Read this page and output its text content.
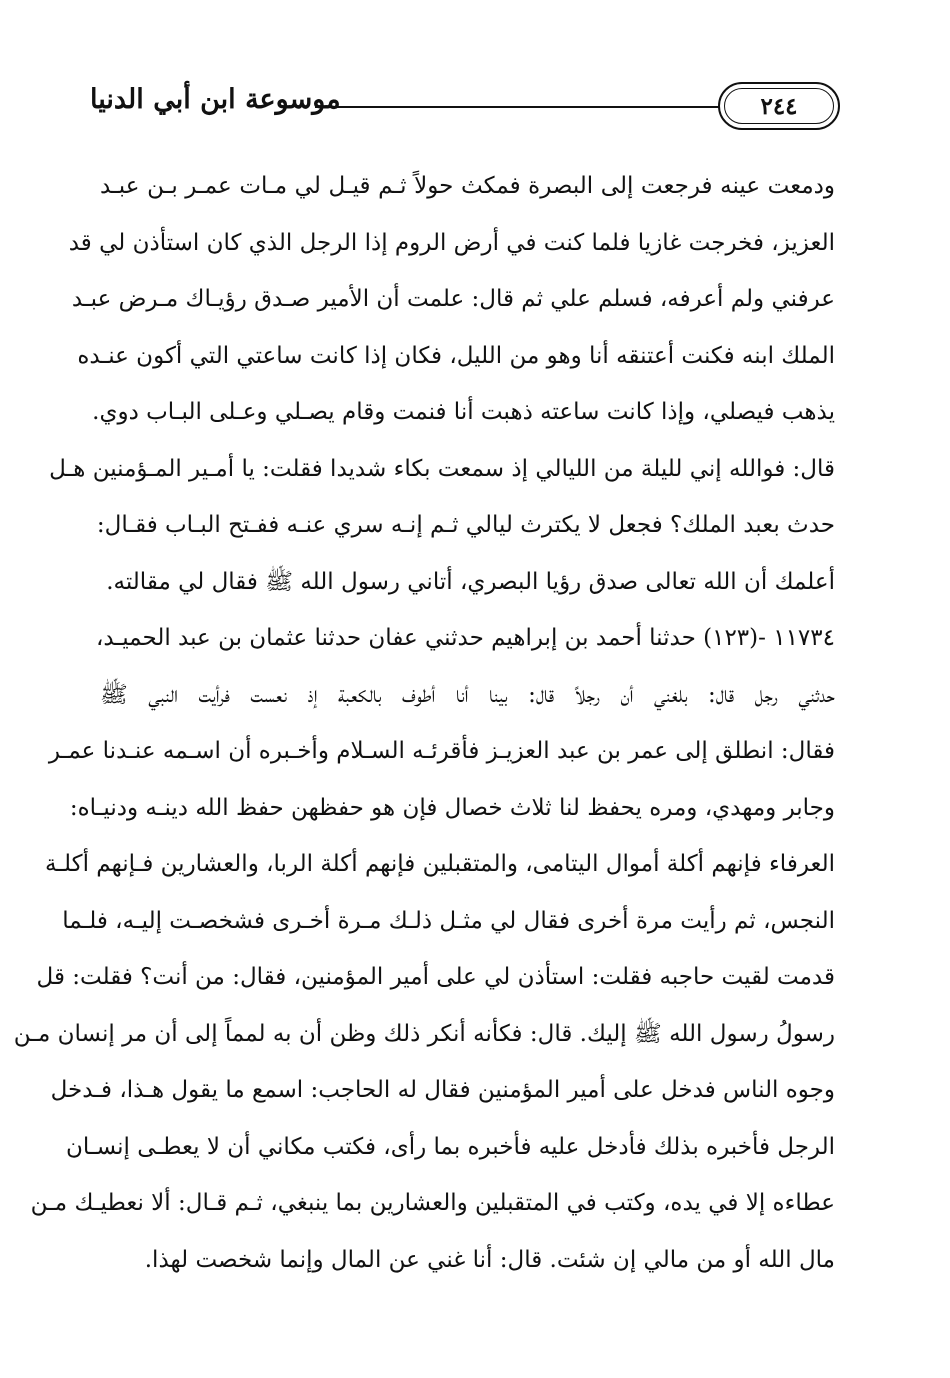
٢٤٤
موسوعة ابن أبي الدنيا
ودمعت عينه فرجعت إلى البصرة فمكث حولاً ثـم قيـل لي مـات عمـر بـن عبـد
العزيز، فخرجت غازيا فلما كنت في أرض الروم إذا الرجل الذي كان استأذن لي قد
عرفني ولم أعرفه، فسلم علي ثم قال: علمت أن الأمير صـدق رؤيـاك مـرض عبـد
الملك ابنه فكنت أعتنقه أنا وهو من الليل، فكان إذا كانت ساعتي التي أكون عنـده
يذهب فيصلي، وإذا كانت ساعته ذهبت أنا فنمت وقام يصـلي وعـلى البـاب دوي.
قال: فوالله إني لليلة من الليالي إذ سمعت بكاء شديدا فقلت: يا أمـير المـؤمنين هـل
حدث بعبد الملك؟ فجعل لا يكترث ليالي ثـم إنـه سري عنـه ففـتح البـاب فقـال:
أعلمك أن الله تعالى صدق رؤيا البصري، أتاني رسول الله ﷺ فقال لي مقالته.
١١٧٣٤ -(١٢٣) حدثنا أحمد بن إبراهيم حدثني عفان حدثنا عثمان بن عبد الحميـد،
حدثني رجل قال: بلغني أن رجلاً قال: بينا أنا أطوف بالكعبة إذ نعست فرأيت النبي ﷺ
فقال: انطلق إلى عمر بن عبد العزيـز فأقرئـه السـلام وأخـبره أن اسـمه عنـدنا عمـر
وجابر ومهدي، ومره يحفظ لنا ثلاث خصال فإن هو حفظهن حفظ الله دينـه ودنيـاه:
العرفاء فإنهم أكلة أموال اليتامى، والمتقبلين فإنهم أكلة الربا، والعشارين فـإنهم أكلـة
النجس، ثم رأيت مرة أخرى فقال لي مثـل ذلـك مـرة أخـرى فشخصـت إليـه، فلـما
قدمت لقيت حاجبه فقلت: استأذن لي على أمير المؤمنين، فقال: من أنت؟ فقلت: قل
رسولُ رسول الله ﷺ إليك. قال: فكأنه أنكر ذلك وظن أن به لمماً إلى أن مر إنسان مـن
وجوه الناس فدخل على أمير المؤمنين فقال له الحاجب: اسمع ما يقول هـذا، فـدخل
الرجل فأخبره بذلك فأدخل عليه فأخبره بما رأى، فكتب مكاني أن لا يعطـى إنسـان
عطاءه إلا في يده، وكتب في المتقبلين والعشارين بما ينبغي، ثـم قـال: ألا نعطيـك مـن
مال الله أو من مالي إن شئت. قال: أنا غني عن المال وإنما شخصت لهذا.
